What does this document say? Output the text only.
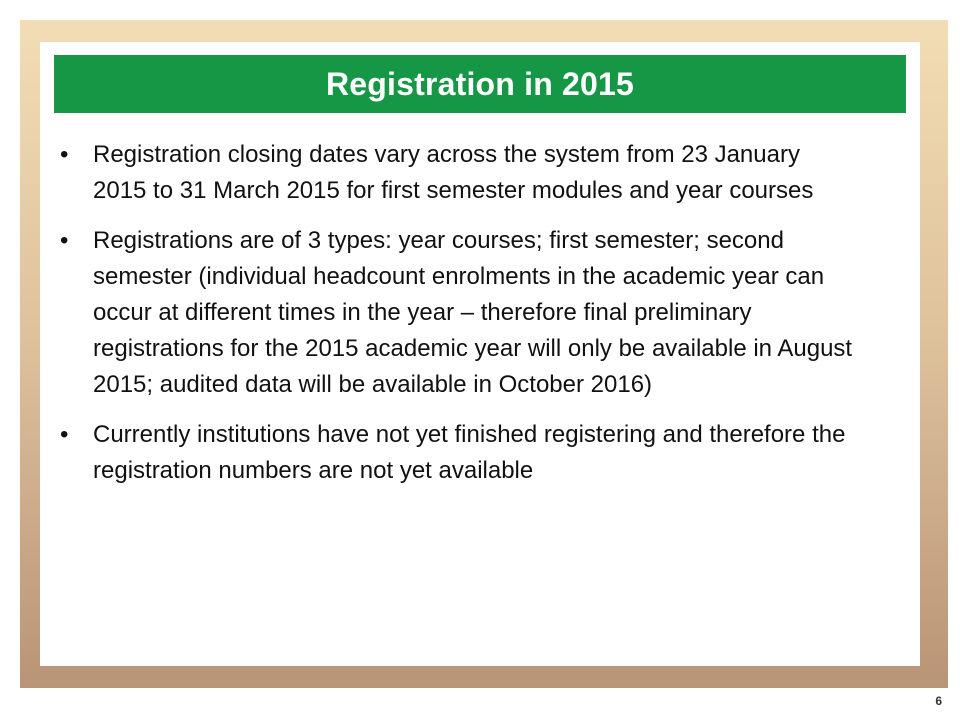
Registration in 2015
• Registration closing dates vary across the system from 23 January 2015 to 31 March 2015 for first semester modules and year courses
• Registrations are of 3 types: year courses; first semester; second semester (individual headcount enrolments in the academic year can occur at different times in the year – therefore final preliminary registrations for the 2015 academic year will only be available in August 2015; audited data will be available in October 2016)
• Currently institutions have not yet finished registering and therefore the registration numbers are not yet available
6
